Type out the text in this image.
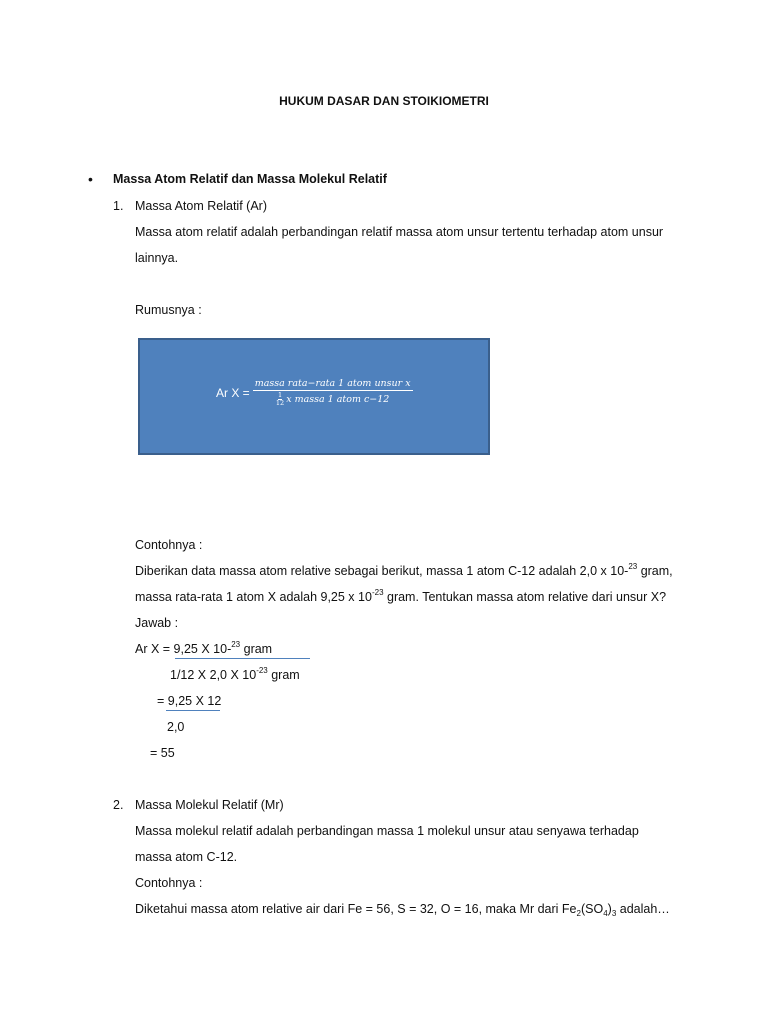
HUKUM DASAR DAN STOIKIOMETRI
• Massa Atom Relatif dan Massa Molekul Relatif
1. Massa Atom Relatif (Ar)
Massa atom relatif adalah perbandingan relatif massa atom unsur tertentu terhadap atom unsur
lainnya.
Rumusnya :
Ar X = massa rata−rata 1 atom unsur x
1
12 x massa 1 atom c−12
Contohnya :
Diberikan data massa atom relative sebagai berikut, massa 1 atom C-12 adalah 2,0 x 10-$^{23}$ gram,
massa rata-rata 1 atom X adalah 9,25 x $10^{-23}$ gram. Tentukan massa atom relative dari unsur X?
Jawab :
Ar X = 9,25 X 10-$^{23}$ gram
1/12 X 2,0 X $10^{-23}$ gram
= 9,25 X 12
2,0
= 55
2. Massa Molekul Relatif (Mr)
Massa molekul relatif adalah perbandingan massa 1 molekul unsur atau senyawa terhadap
massa atom C-12.
Contohnya :
Diketahui massa atom relative air dari Fe = 56, S = 32, O = 16, maka Mr dari $Fe_2(SO_4)_3$ adalah…
